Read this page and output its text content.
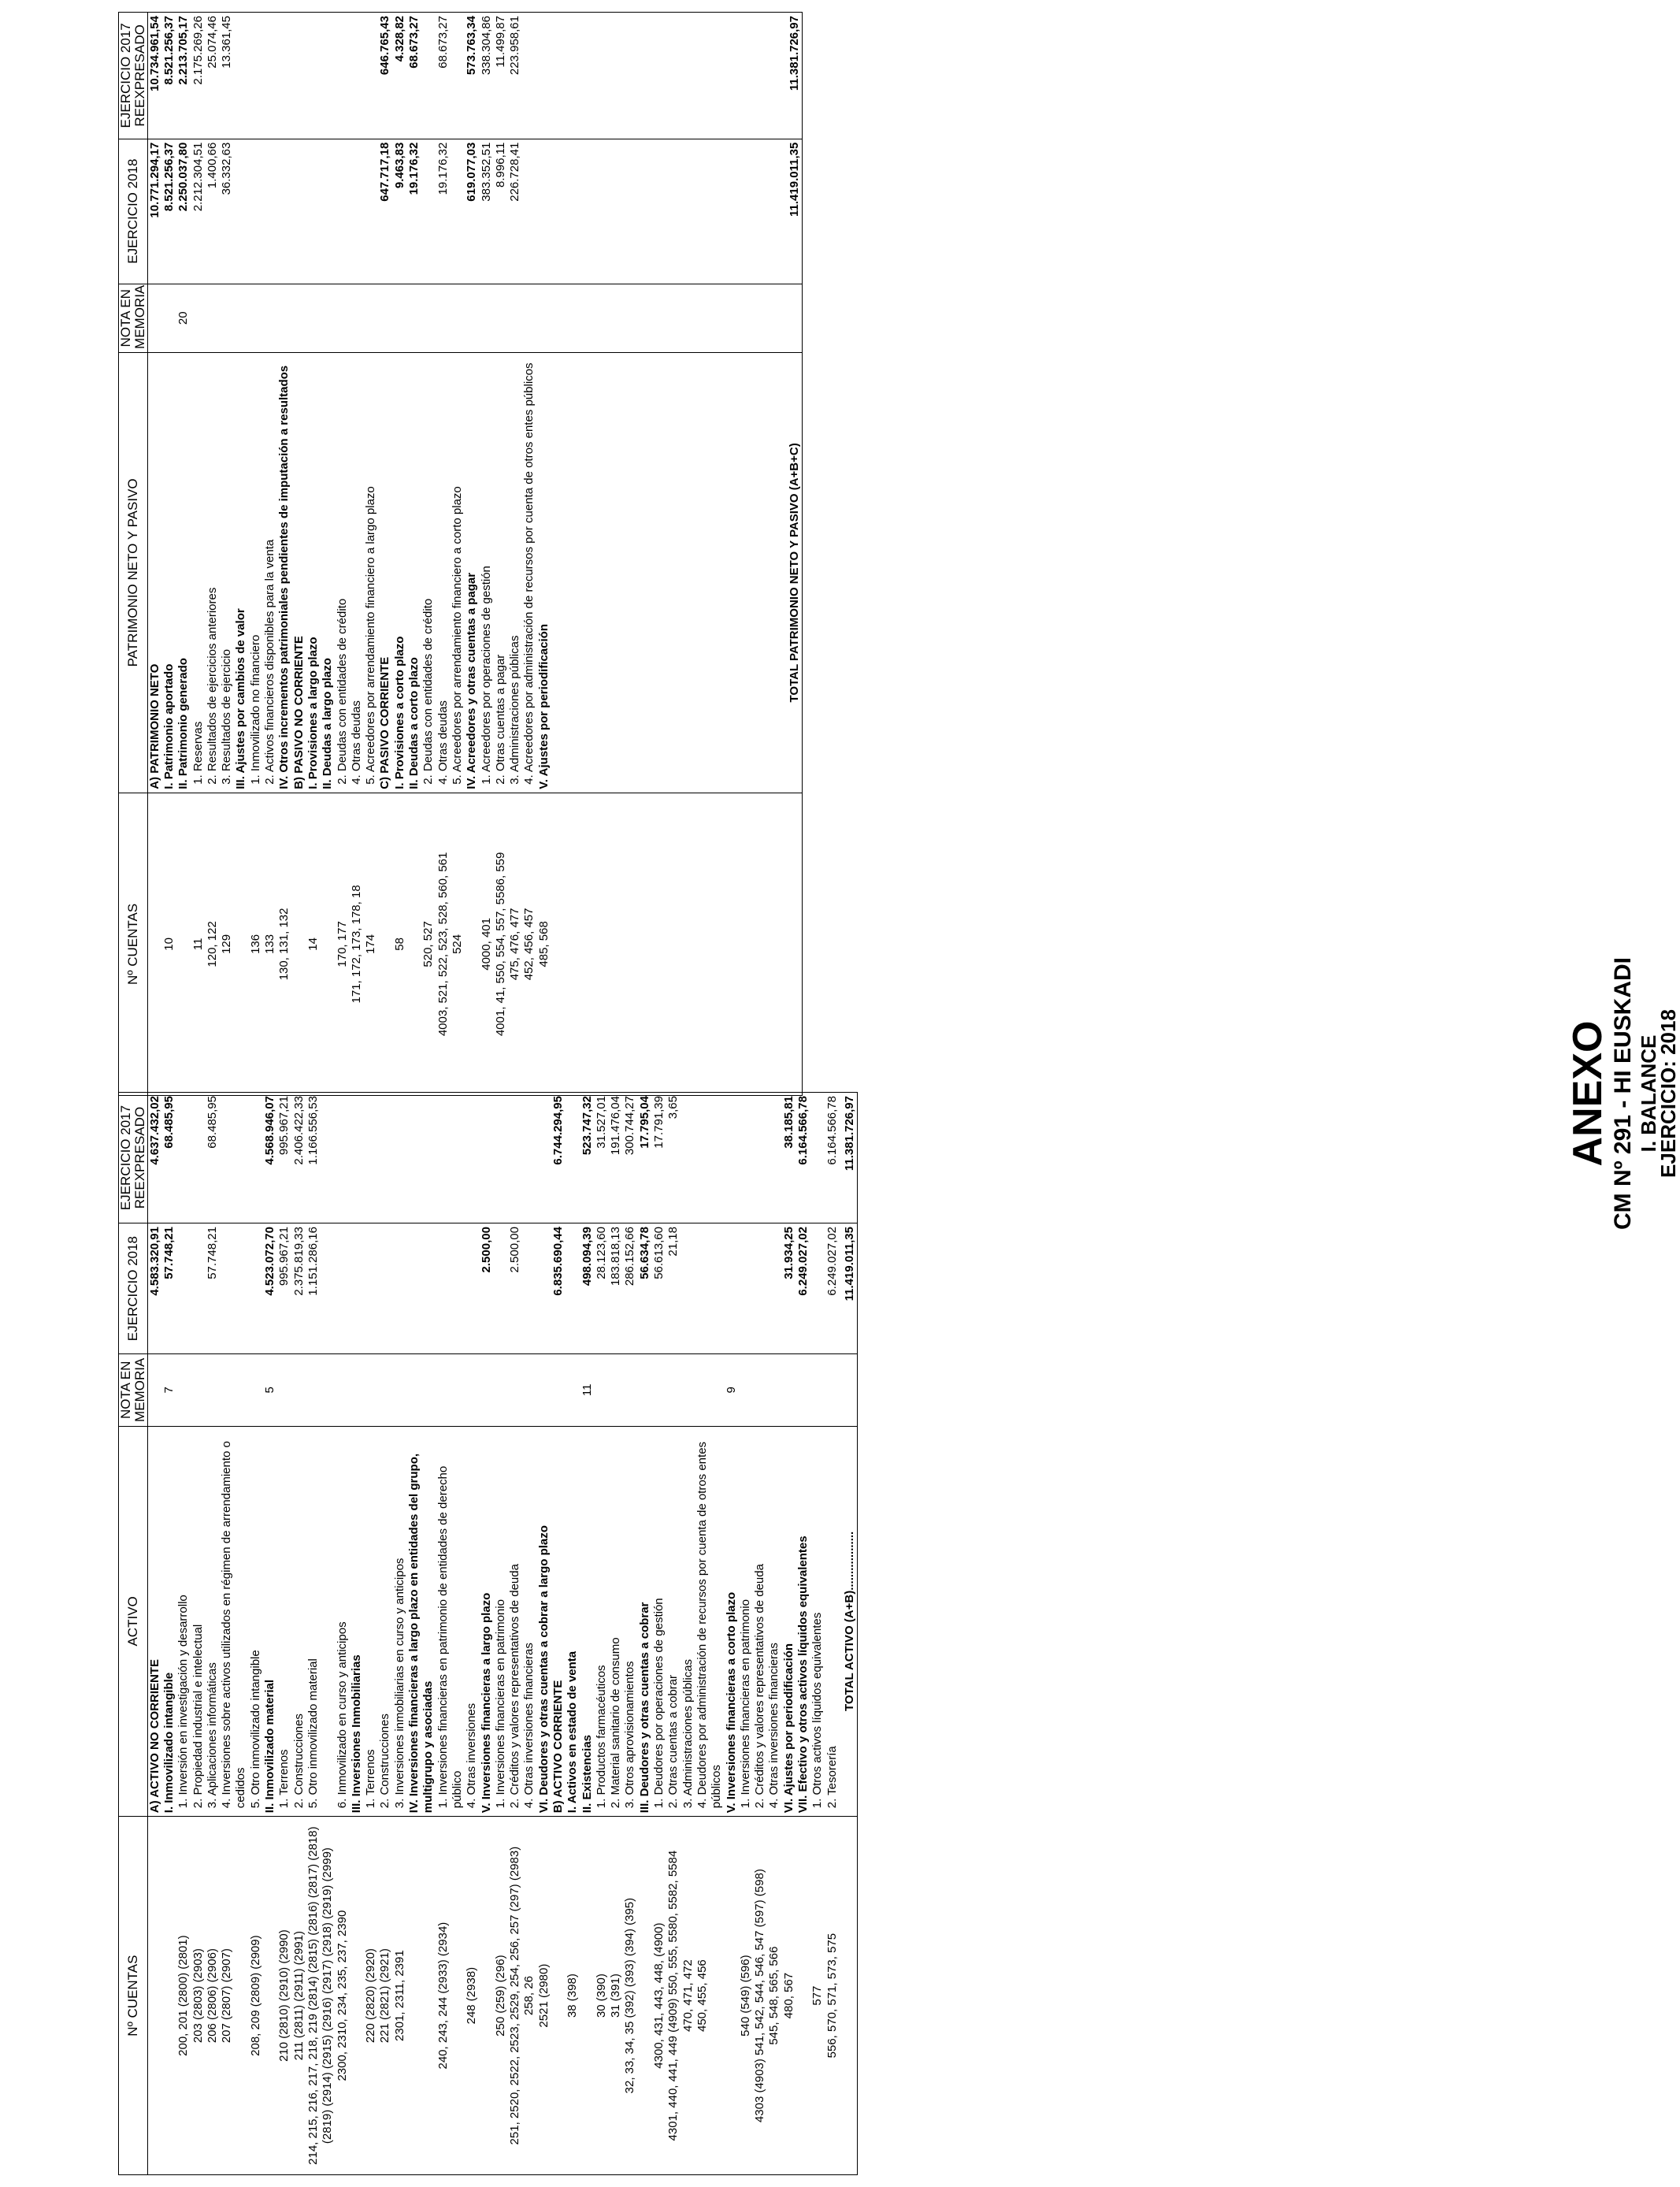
ANEXO CM Nº 291 - HI EUSKADI I. BALANCE
EJERCICIO: 2018
Nº CUENTAS	ACTIVO	NOTA EN MEMORIA	EJERCICIO 2018	EJERCICIO 2017 REEXPRESADO
	A) ACTIVO NO CORRIENTE		4.583.320,91	4.637.432,02
	I. Inmovilizado intangible	7	57.748,21	68.485,95
200, 201 (2800) (2801)	1. Inversión en investigación y desarrollo			
203 (2803) (2903)	2. Propiedad industrial e intelectual			
206 (2806) (2906)	3. Aplicaciones informáticas		57.748,21	68.485,95
207 (2807) (2907)	4. Inversiones sobre activos utilizados en régimen de arrendamiento o cedidos			
208, 209 (2809) (2909)	5. Otro inmovilizado intangible			
	II. Inmovilizado material	5	4.523.072,70	4.568.946,07
210 (2810) (2910) (2990)	1. Terrenos		995.967,21	995.967,21
211 (2811) (2911) (2991)	2. Construcciones		2.375.819,33	2.406.422,33
214, 215, 216, 217, 218, 219 (2814) (2815) (2816) (2817) (2818) (2819) (2914) (2915) (2916) (2917) (2918) (2919) (2999)	5. Otro inmovilizado material		1.151.286,16	1.166.556,53
2300, 2310, 234, 235, 237, 2390	6. Inmovilizado en curso y anticipos			
	III. Inversiones Inmobiliarias			
220 (2820) (2920)	1. Terrenos			
221 (2821) (2921)	2. Construcciones			
2301, 2311, 2391	3. Inversiones inmobiliarias en curso y anticipos			
	IV. Inversiones financieras a largo plazo en entidades del grupo, multigrupo y asociadas			
240, 243, 244 (2933) (2934)	1. Inversiones financieras en patrimonio de entidades de derecho público			
248 (2938)	4. Otras inversiones			
	V. Inversiones financieras a largo plazo		2.500,00	
250 (259) (296)	1. Inversiones financieras en patrimonio			
251, 2520, 2522, 2523, 2529, 254, 256, 257 (297) (2983)	2. Créditos y valores representativos de deuda		2.500,00	
258, 26	4. Otras inversiones financieras			
2521 (2980)	VI. Deudores y otras cuentas a cobrar a largo plazo			
	B) ACTIVO CORRIENTE		6.835.690,44	6.744.294,95
38 (398)	I. Activos en estado de venta			
	II. Existencias	11	498.094,39	523.747,32
30 (390)	1. Productos farmacéuticos		28.123,60	31.527,01
31 (391)	2. Material sanitario de consumo		183.818,13	191.476,04
32, 33, 34, 35 (392) (393) (394) (395)	3. Otros aprovisionamientos		286.152,66	300.744,27
	III. Deudores y otras cuentas a cobrar		56.634,78	17.795,04
4300, 431, 443, 448, (4900)	1. Deudores por operaciones de gestión		56.613,60	17.791,39
4301, 440, 441, 449 (4909) 550, 555, 5580, 5582, 5584	2. Otras cuentas a cobrar		21,18	3,65
470, 471, 472	3. Administraciones públicas			
450, 455, 456	4. Deudores por administración de recursos por cuenta de otros entes públicos			
	V. Inversiones financieras a corto plazo	9		
540 (549) (596)	1. Inversiones financieras en patrimonio			
4303 (4903) 541, 542, 544, 546, 547 (597) (598)	2. Créditos y valores representativos de deuda			
545, 548, 565, 566	4. Otras inversiones financieras			
480, 567	VI. Ajustes por periodificación		31.934,25	38.185,81
	VII. Efectivo y otros activos líquidos equivalentes		6.249.027,02	6.164.566,78
577	1. Otros activos líquidos equivalentes			
556, 570, 571, 573, 575	2. Tesorería		6.249.027,02	6.164.566,78

	TOTAL ACTIVO (A+B)..................		11.419.011,35	11.381.726,97
Nº CUENTAS	PATRIMONIO NETO Y PASIVO	NOTA EN MEMORIA	EJERCICIO 2018	EJERCICIO 2017 REEXPRESADO
	A) PATRIMONIO NETO		10.771.294,17	10.734.961,54
10	I. Patrimonio aportado		8.521.256,37	8.521.256,37
	II. Patrimonio generado	20	2.250.037,80	2.213.705,17
11	1. Reservas		2.212.304,51	2.175.269,26
120, 122	2. Resultados de ejercicios anteriores		1.400,66	25.074,46
129	3. Resultados de ejercicio		36.332,63	13.361,45
	III. Ajustes por cambios de valor			
136	1. Inmovilizado no financiero			
133	2. Activos financieros disponibles para la venta			
130, 131, 132	IV. Otros incrementos patrimoniales pendientes de imputación a resultados			
	B) PASIVO NO CORRIENTE			
14	I. Provisiones a largo plazo			
	II. Deudas a largo plazo			
170, 177	2. Deudas con entidades de crédito			
171, 172, 173, 178, 18	4. Otras deudas			
174	5. Acreedores por arrendamiento financiero a largo plazo			
	C) PASIVO CORRIENTE		647.717,18	646.765,43
58	I. Provisiones a corto plazo		9.463,83	4.328,82
	II. Deudas a corto plazo		19.176,32	68.673,27
520, 527	2. Deudas con entidades de crédito			
4003, 521, 522, 523, 528, 560, 561	4. Otras deudas		19.176,32	68.673,27
524	5. Acreedores por arrendamiento financiero a corto plazo			
	IV. Acreedores y otras cuentas a pagar		619.077,03	573.763,34
4000, 401	1. Acreedores por operaciones de gestión		383.352,51	338.304,86
4001, 41, 550, 554, 557, 5586, 559	2. Otras cuentas a pagar		8.996,11	11.499,87
475, 476, 477	3. Administraciones públicas		226.728,41	223.958,61
452, 456, 457	4. Acreedores por administración de recursos por cuenta de otros entes públicos			
485, 568	V. Ajustes por periodificación			

	TOTAL PATRIMONIO NETO Y PASIVO (A+B+C)		11.419.011,35	11.381.726,97
